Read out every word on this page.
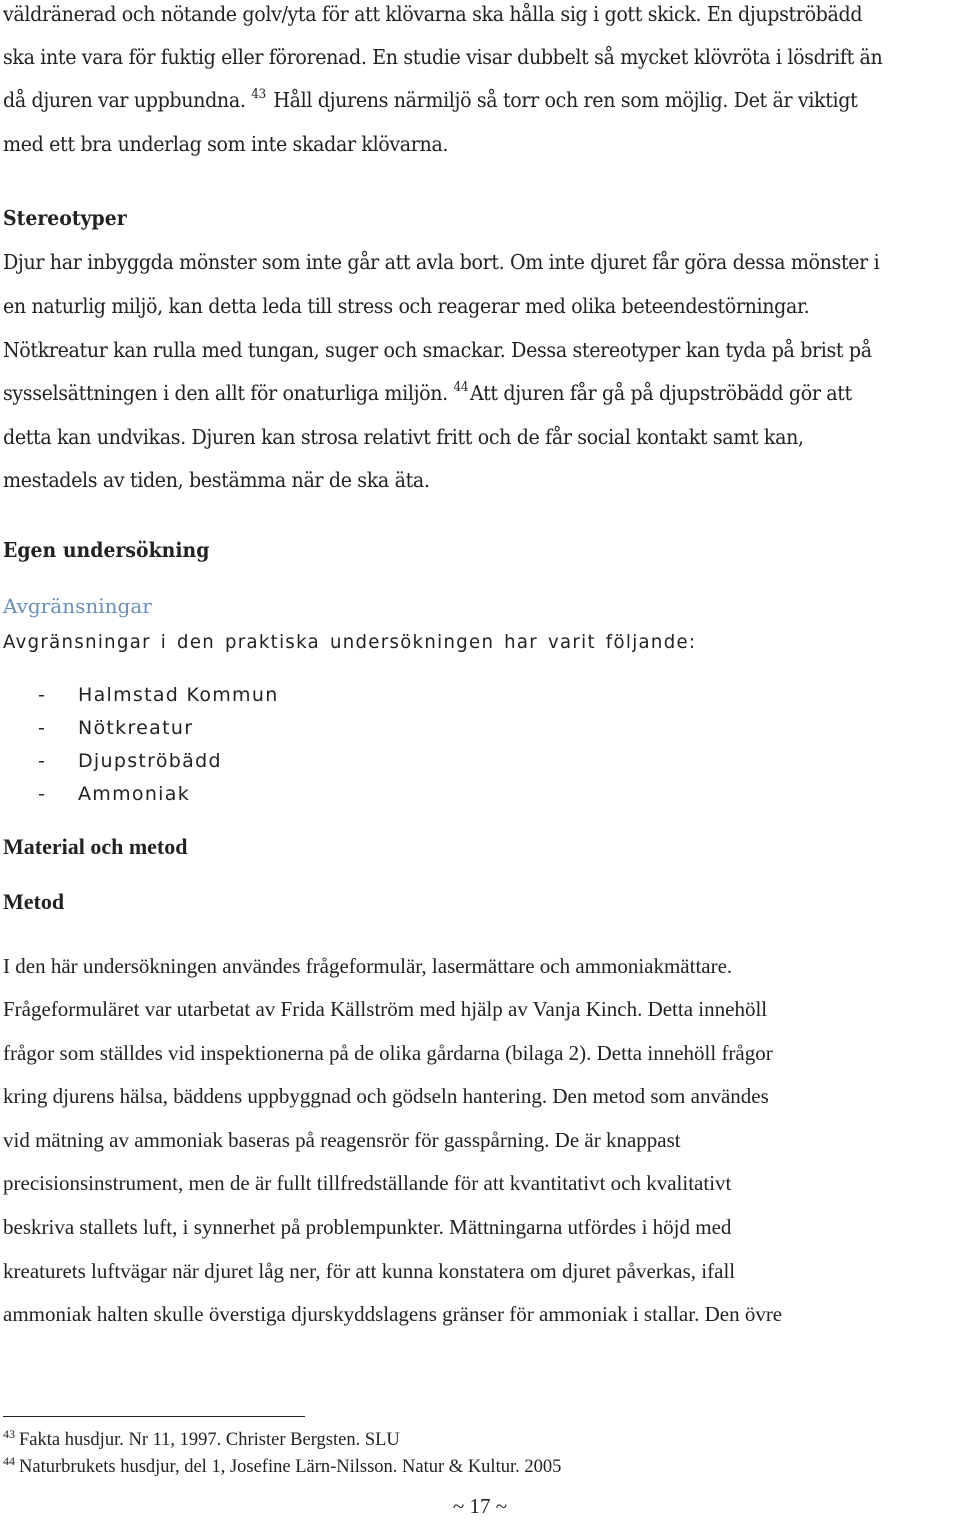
väldränerad och nötande golv/yta för att klövarna ska hålla sig i gott skick. En djupströbädd
ska inte vara för fuktig eller förorenad. En studie visar dubbelt så mycket klövröta i lösdrift än
då djuren var uppbundna. $^{43}$ Håll djurens närmiljö så torr och ren som möjlig. Det är viktigt
med ett bra underlag som inte skadar klövarna.
Stereotyper
Djur har inbyggda mönster som inte går att avla bort. Om inte djuret får göra dessa mönster i
en naturlig miljö, kan detta leda till stress och reagerar med olika beteendestörningar.
Nötkreatur kan rulla med tungan, suger och smackar. Dessa stereotyper kan tyda på brist på
sysselsättningen i den allt för onaturliga miljön. $^{44}$Att djuren får gå på djupströbädd gör att
detta kan undvikas. Djuren kan strosa relativt fritt och de får social kontakt samt kan,
mestadels av tiden, bestämma när de ska äta.
Egen undersökning
Avgränsningar
Avgränsningar i den praktiska undersökningen har varit följande:
- Halmstad Kommun
- Nötkreatur
- Djupströbädd
- Ammoniak
Material och metod
Metod
I den här undersökningen användes frågeformulär, lasermättare och ammoniakmättare.
Frågeformuläret var utarbetat av Frida Källström med hjälp av Vanja Kinch. Detta innehöll
frågor som ställdes vid inspektionerna på de olika gårdarna (bilaga 2). Detta innehöll frågor
kring djurens hälsa, bäddens uppbyggnad och gödseln hantering. Den metod som användes
vid mätning av ammoniak baseras på reagensrör för gasspårning. De är knappast
precisionsinstrument, men de är fullt tillfredställande för att kvantitativt och kvalitativt
beskriva stallets luft, i synnerhet på problempunkter. Mättningarna utfördes i höjd med
kreaturets luftvägar när djuret låg ner, för att kunna konstatera om djuret påverkas, ifall
ammoniak halten skulle överstiga djurskyddslagens gränser för ammoniak i stallar. Den övre
$^{43}$ Fakta husdjur. Nr 11, 1997. Christer Bergsten. SLU
$^{44}$ Naturbrukets husdjur, del 1, Josefine Lärn-Nilsson. Natur & Kultur. 2005
~ 17 ~
